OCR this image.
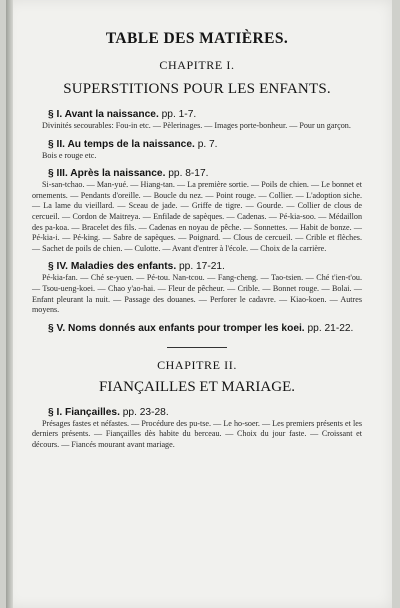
TABLE DES MATIÈRES.
CHAPITRE I.
SUPERSTITIONS POUR LES ENFANTS.
§ I. Avant la naissance. pp. 1-7.
Divinités secourables: Fou-in etc. — Pèlerinages. — Images porte-bonheur. — Pour un garçon.
§ II. Au temps de la naissance. p. 7.
Bois e rouge etc.
§ III. Après la naissance. pp. 8-17.
Si-san-tchao. — Man-yué. — Hiang-tan. — La première sortie. — Poils de chien. — Le bonnet et ornements. — Pendants d'oreille. — Boucle du nez. — Point rouge. — Collier. — L'adoption siche. — La lame du vieillard. — Sceau de jade. — Griffe de tigre. — Gourde. — Collier de clous de cercueil. — Cordon de Maitreya. — Enfilade de sapèques. — Cadenas. — Pé-kia-soo. — Médaillon des pa-koa. — Bracelet des fils. — Cadenas en noyau de pêche. — Sonnettes. — Habit de bonze. — Pé-kia-i. — Pé-king. — Sabre de sapèques. — Poignard. — Clous de cercueil. — Crible et flèches. — Sachet de poils de chien. — Culotte. — Avant d'entrer à l'école. — Choix de la carrière.
§ IV. Maladies des enfants. pp. 17-21.
Pé-kia-fan. — Ché se-yuen. — Pé-tou. Nan-tcou. — Fang-cheng. — Tao-tsien. — Ché t'ien-t'ou. — Tsou-ueng-koei. — Chao y'ao-hai. — Fleur de pêcheur. — Crible. — Bonnet rouge. — Bolai. — Enfant pleurant la nuit. — Passage des douanes. — Perforer le cadavre. — Kiao-koen. — Autres moyens.
§ V. Noms donnés aux enfants pour tromper les koei. pp. 21-22.
CHAPITRE II.
FIANÇAILLES ET MARIAGE.
§ I. Fiançailles. pp. 23-28.
Présages fastes et néfastes. — Procédure des pu-tse. — Le ho-soer. — Les premiers présents et les derniers présents. — Fiançailles dès habite du berceau. — Choix du jour faste. — Croissant et décours. — Fiancés mourant avant mariage.
